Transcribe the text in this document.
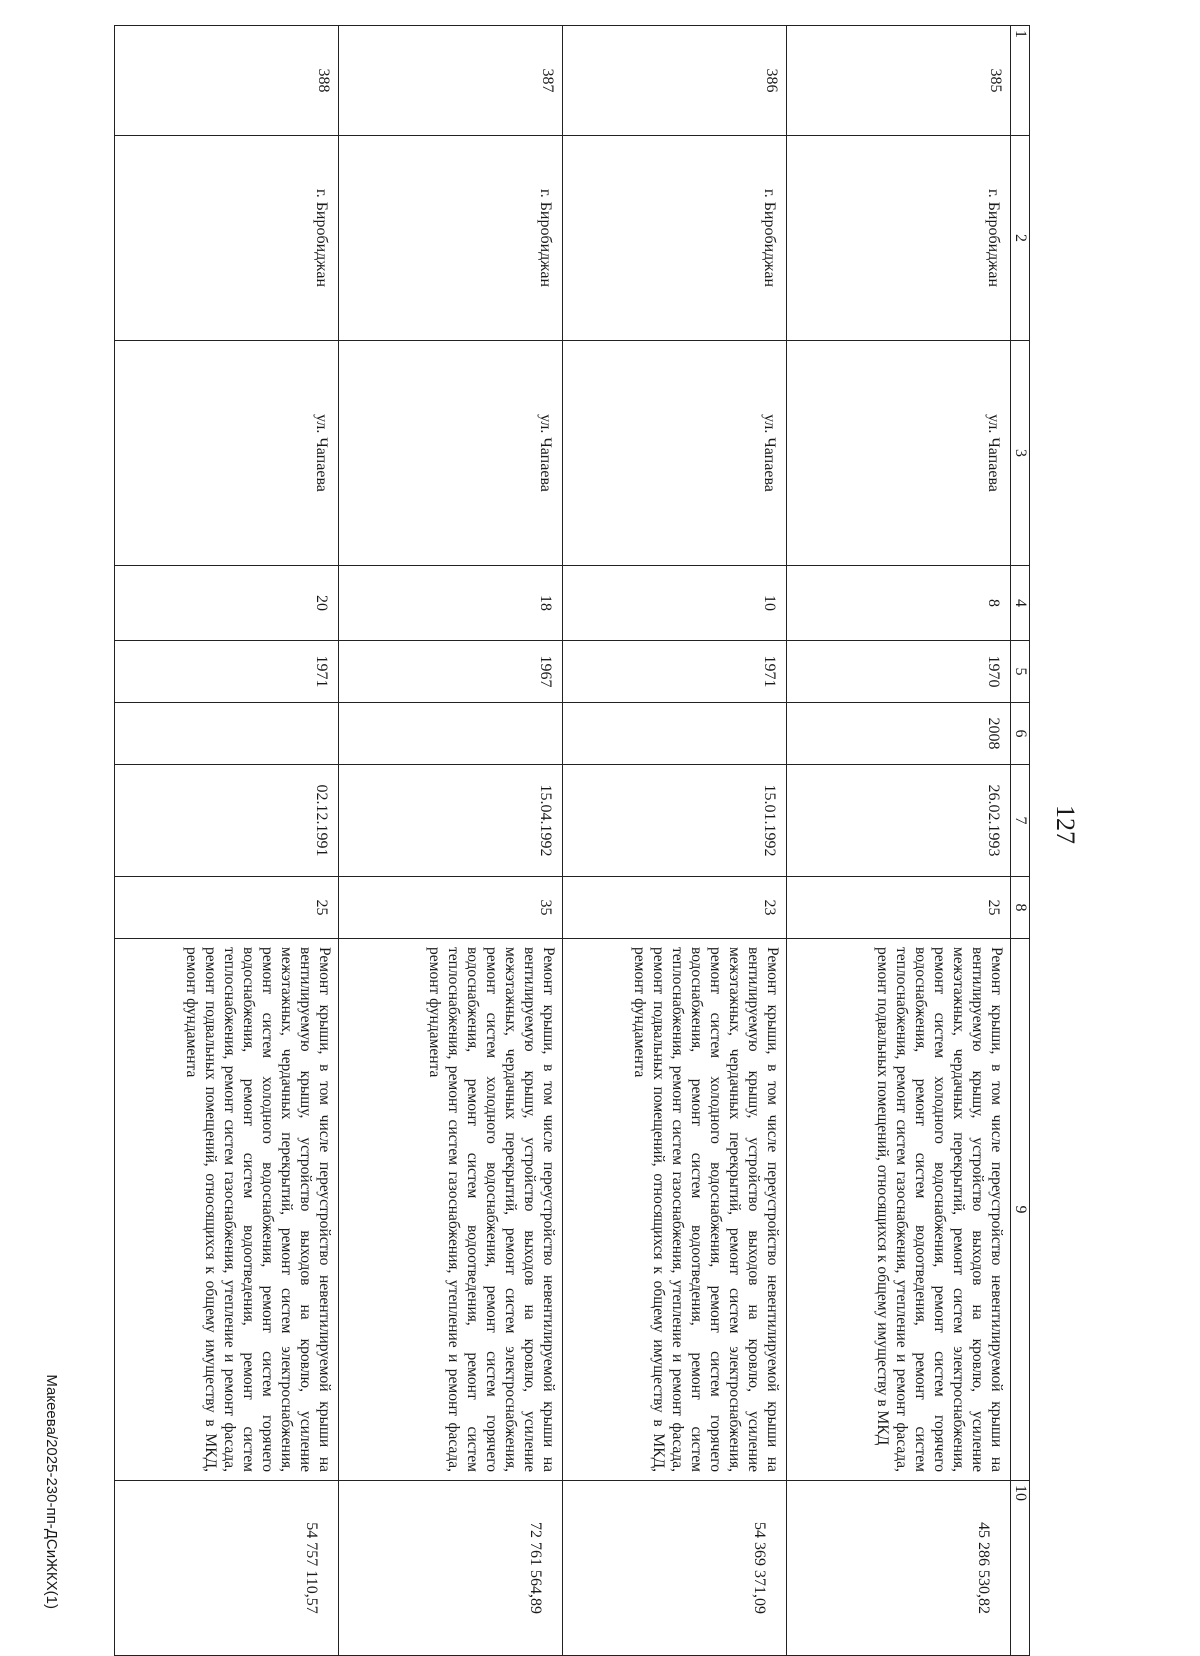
127
1	2	3	4	5	6	7	8	9	10
385	г. Биробиджан	ул. Чапаева	8	1970	2008	26.02.1993	25	Ремонт крыши, в том числе переустройство невентилируемой крыши на вентилируемую крышу, устройство выходов на кровлю, усиление межэтажных, чердачных перекрытий, ремонт систем электроснабжения, ремонт систем холодного водоснабжения, ремонт систем горячего водоснабжения, ремонт систем водоотведения, ремонт систем теплоснабжения, ремонт систем газоснабжения, утепление и ремонт фасада, ремонт подвальных помещений, относящихся к общему имуществу в МКД	45 286 530,82
386	г. Биробиджан	ул. Чапаева	10	1971		15.01.1992	23	Ремонт крыши, в том числе переустройство невентилируемой крыши на вентилируемую крышу, устройство выходов на кровлю, усиление межэтажных, чердачных перекрытий, ремонт систем электроснабжения, ремонт систем холодного водоснабжения, ремонт систем горячего водоснабжения, ремонт систем водоотведения, ремонт систем теплоснабжения, ремонт систем газоснабжения, утепление и ремонт фасада, ремонт подвальных помещений, относящихся к общему имуществу в МКД, ремонт фундамента	54 369 371,09
387	г. Биробиджан	ул. Чапаева	18	1967		15.04.1992	35	Ремонт крыши, в том числе переустройство невентилируемой крыши на вентилируемую крышу, устройство выходов на кровлю, усиление межэтажных, чердачных перекрытий, ремонт систем электроснабжения, ремонт систем холодного водоснабжения, ремонт систем горячего водоснабжения, ремонт систем водоотведения, ремонт систем теплоснабжения, ремонт систем газоснабжения, утепление и ремонт фасада, ремонт фундамента	72 761 564,89
388	г. Биробиджан	ул. Чапаева	20	1971		02.12.1991	25	Ремонт крыши, в том числе переустройство невентилируемой крыши на вентилируемую крышу, устройство выходов на кровлю, усиление межэтажных, чердачных перекрытий, ремонт систем электроснабжения, ремонт систем холодного водоснабжения, ремонт систем горячего водоснабжения, ремонт систем водоотведения, ремонт систем теплоснабжения, ремонт систем газоснабжения, утепление и ремонт фасада, ремонт подвальных помещений, относящихся к общему имуществу в МКД, ремонт фундамента	54 757 110,57
Макеева/2025-230-пп-ДСиЖКХ(1)
